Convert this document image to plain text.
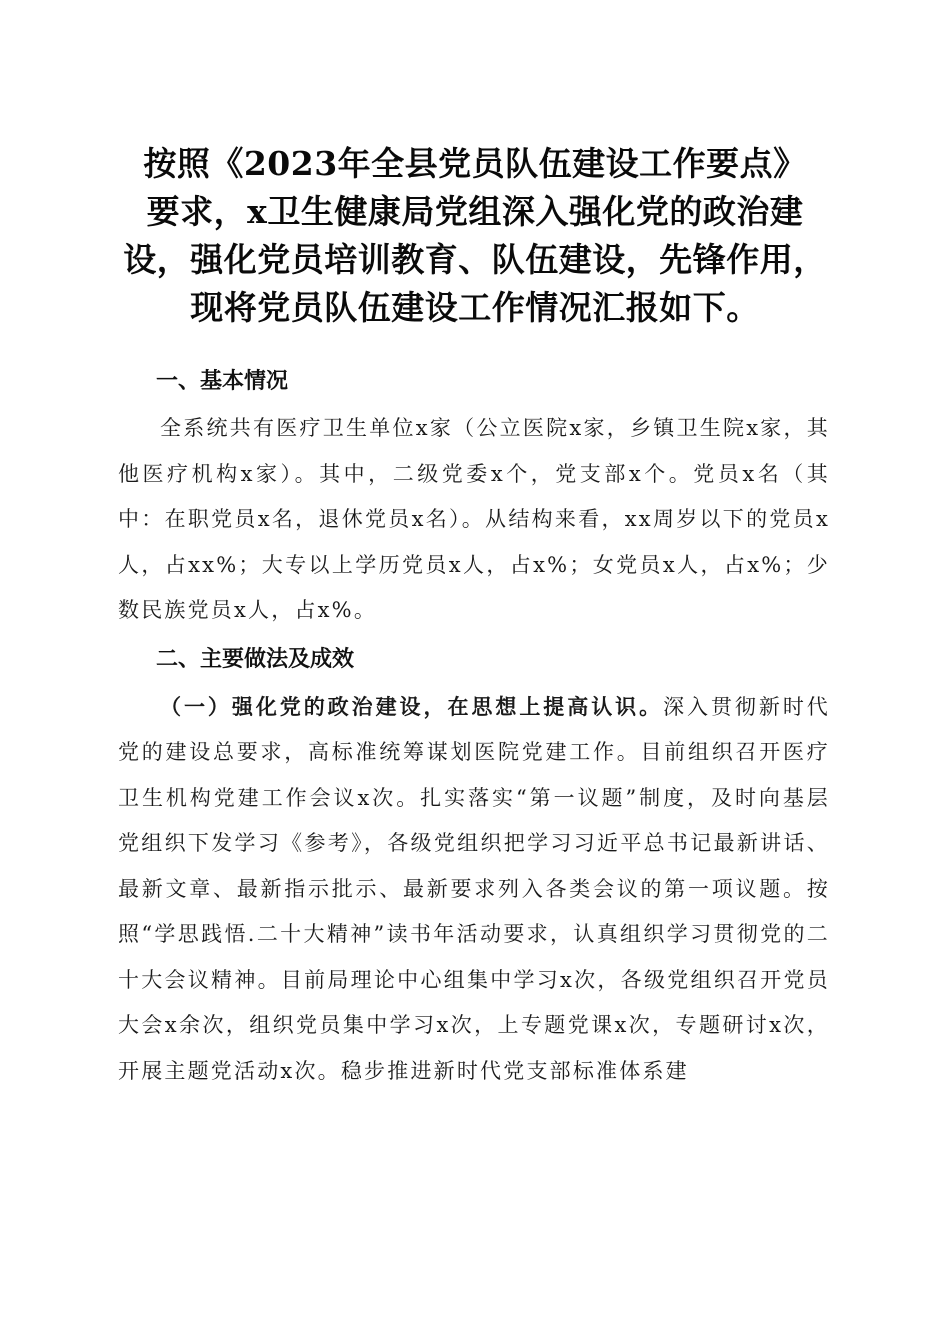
按照《2023年全县党员队伍建设工作要点》
要求，x卫生健康局党组深入强化党的政治建
设，强化党员培训教育、队伍建设，先锋作用，
现将党员队伍建设工作情况汇报如下。

一、基本情况

全系统共有医疗卫生单位x家（公立医院x家，乡镇卫生院x家，其他医疗机构x家）。其中，二级党委x个，党支部x个。党员x名（其中：在职党员x名，退休党员x名）。从结构来看，xx周岁以下的党员x人，占xx%；大专以上学历党员x人，占x%；女党员x人，占x%；少数民族党员x人，占x%。

二、主要做法及成效

（一）强化党的政治建设，在思想上提高认识。深入贯彻新时代党的建设总要求，高标准统筹谋划医院党建工作。目前组织召开医疗卫生机构党建工作会议x次。扎实落实“第一议题”制度，及时向基层党组织下发学习《参考》，各级党组织把学习习近平总书记最新讲话、最新文章、最新指示批示、最新要求列入各类会议的第一项议题。按照“学思践悟.二十大精神”读书年活动要求，认真组织学习贯彻党的二十大会议精神。目前局理论中心组集中学习x次，各级党组织召开党员大会x余次，组织党员集中学习x次，上专题党课x次，专题研讨x次，开展主题党活动x次。稳步推进新时代党支部标准体系建
